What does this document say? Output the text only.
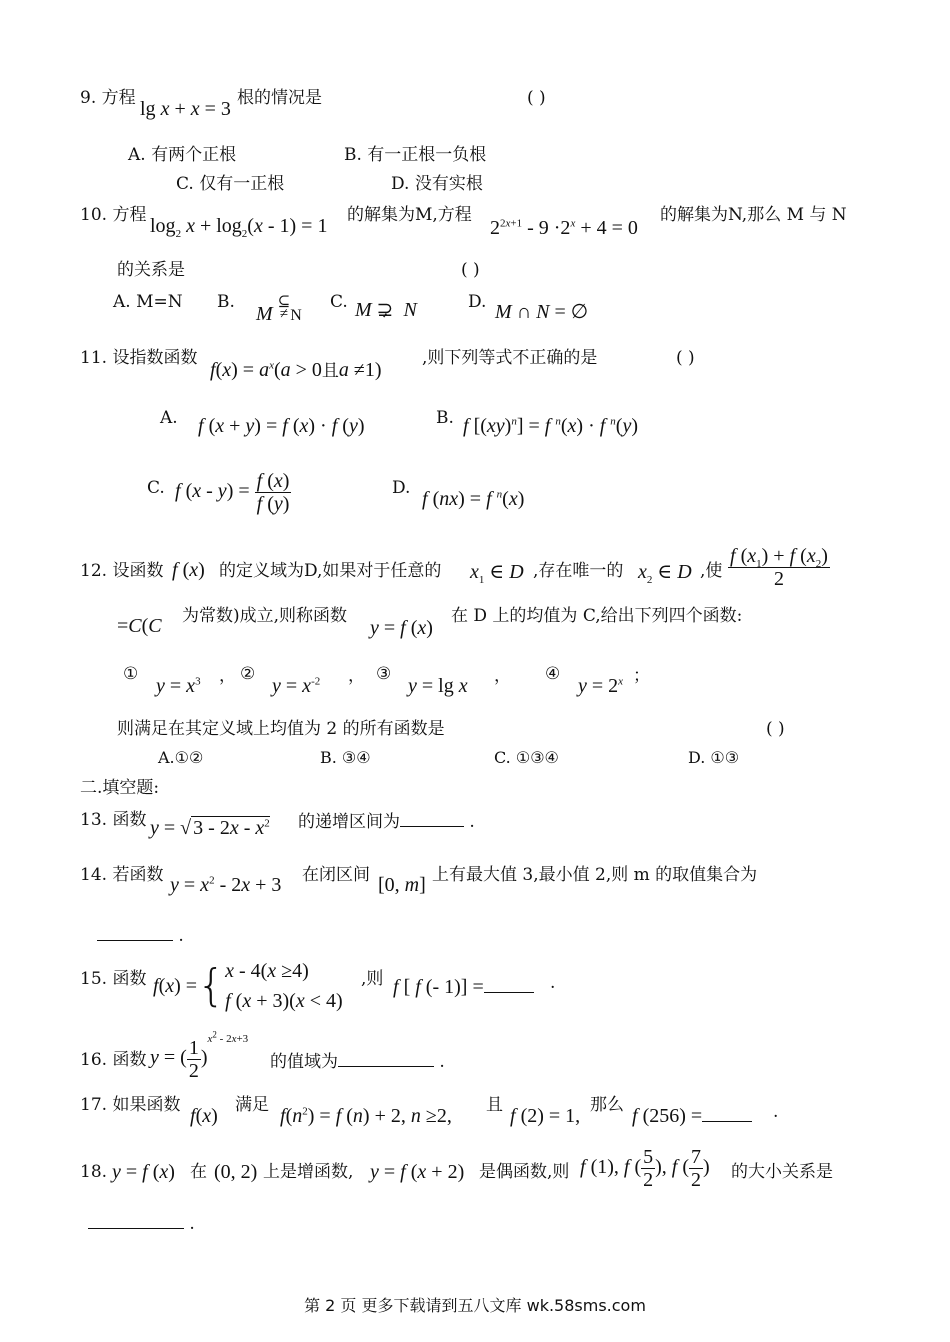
9. 方程 lg x + x = 3 根的情况是	( )
A. 有两个正根	B. 有一正根一负根
C. 仅有一正根	D. 没有实根
10. 方程 $\log_2 x + \log_2(x - 1) = 1$ 的解集为M,方程
$2^{2x+1} - 9 \cdot 2^x + 4 = 0$
的解集为N,那么 M 与 N
的关系是	( )
A. M=N B.
M ⊆
≠ N
C. M ⊋  N	D. M ∩ N = ∅
11. 设指数函数
$f(x) = a^x(a > 0$且a ≠1)
,则下列等式不正确的是	( )
A. f (x + y) = f (x) · f (y)	B. f [(xy)$^n$] = f $^n$(x) · f $^n$(y)
C. f $(x - y) = \frac{f (x)}{f (y)}$	D. f (nx) = f $^n$(x)
12. 设函数 f (x) 的定义域为D,如果对于任意的 $x_1$ ∈ D ,存在唯一的 $x_2$ ∈ D ,使 $\frac{f (x_1) + f (x_2)}{2}$
=C(C 为常数)成立,则称函数
y = f (x)
在 D 上的均值为 C,给出下列四个函数:
①
$y = x^3$ ， ②
$y = x^{-2}$ ， ③
y = lg x ， ④
$y = 2^x$ ；
则满足在其定义域上均值为 2 的所有函数是	( )
A.①②	B. ③④	C. ①③④	D. ①③
二.填空题:
13. 函数 y = √ $3 - 2x - x^2$ 的递增区间为	.
14. 若函数 $y = x^2 - 2x + 3$ 在闭区间 [0, m] 上有最大值 3,最小值 2,则 m 的取值集合为
.
15. 函数 f(x) ={x - 4(x ≥4)
f (x + 3)(x < 4)
,则 f [ f (- 1)] =	.
16. 函数 y = ( $\frac{1}{2} )^{x^2 - 2x+3}$
的值域为	.
17. 如果函数 f(x) 满足 $f(n^2) = f$ (n) + 2, n ≥2, 且 f (2) = 1, 那么 f (256) =	.
18. y = f (x) 在 (0, 2) 上是增函数, y = f (x + 2) 是偶函数,则 f (1), f ( $\frac{5}{2}$ ), f ( $\frac{7}{2}$ ) 的大小关系是
.
第 2 页 更多下载请到五八文库 wk.58sms.com
